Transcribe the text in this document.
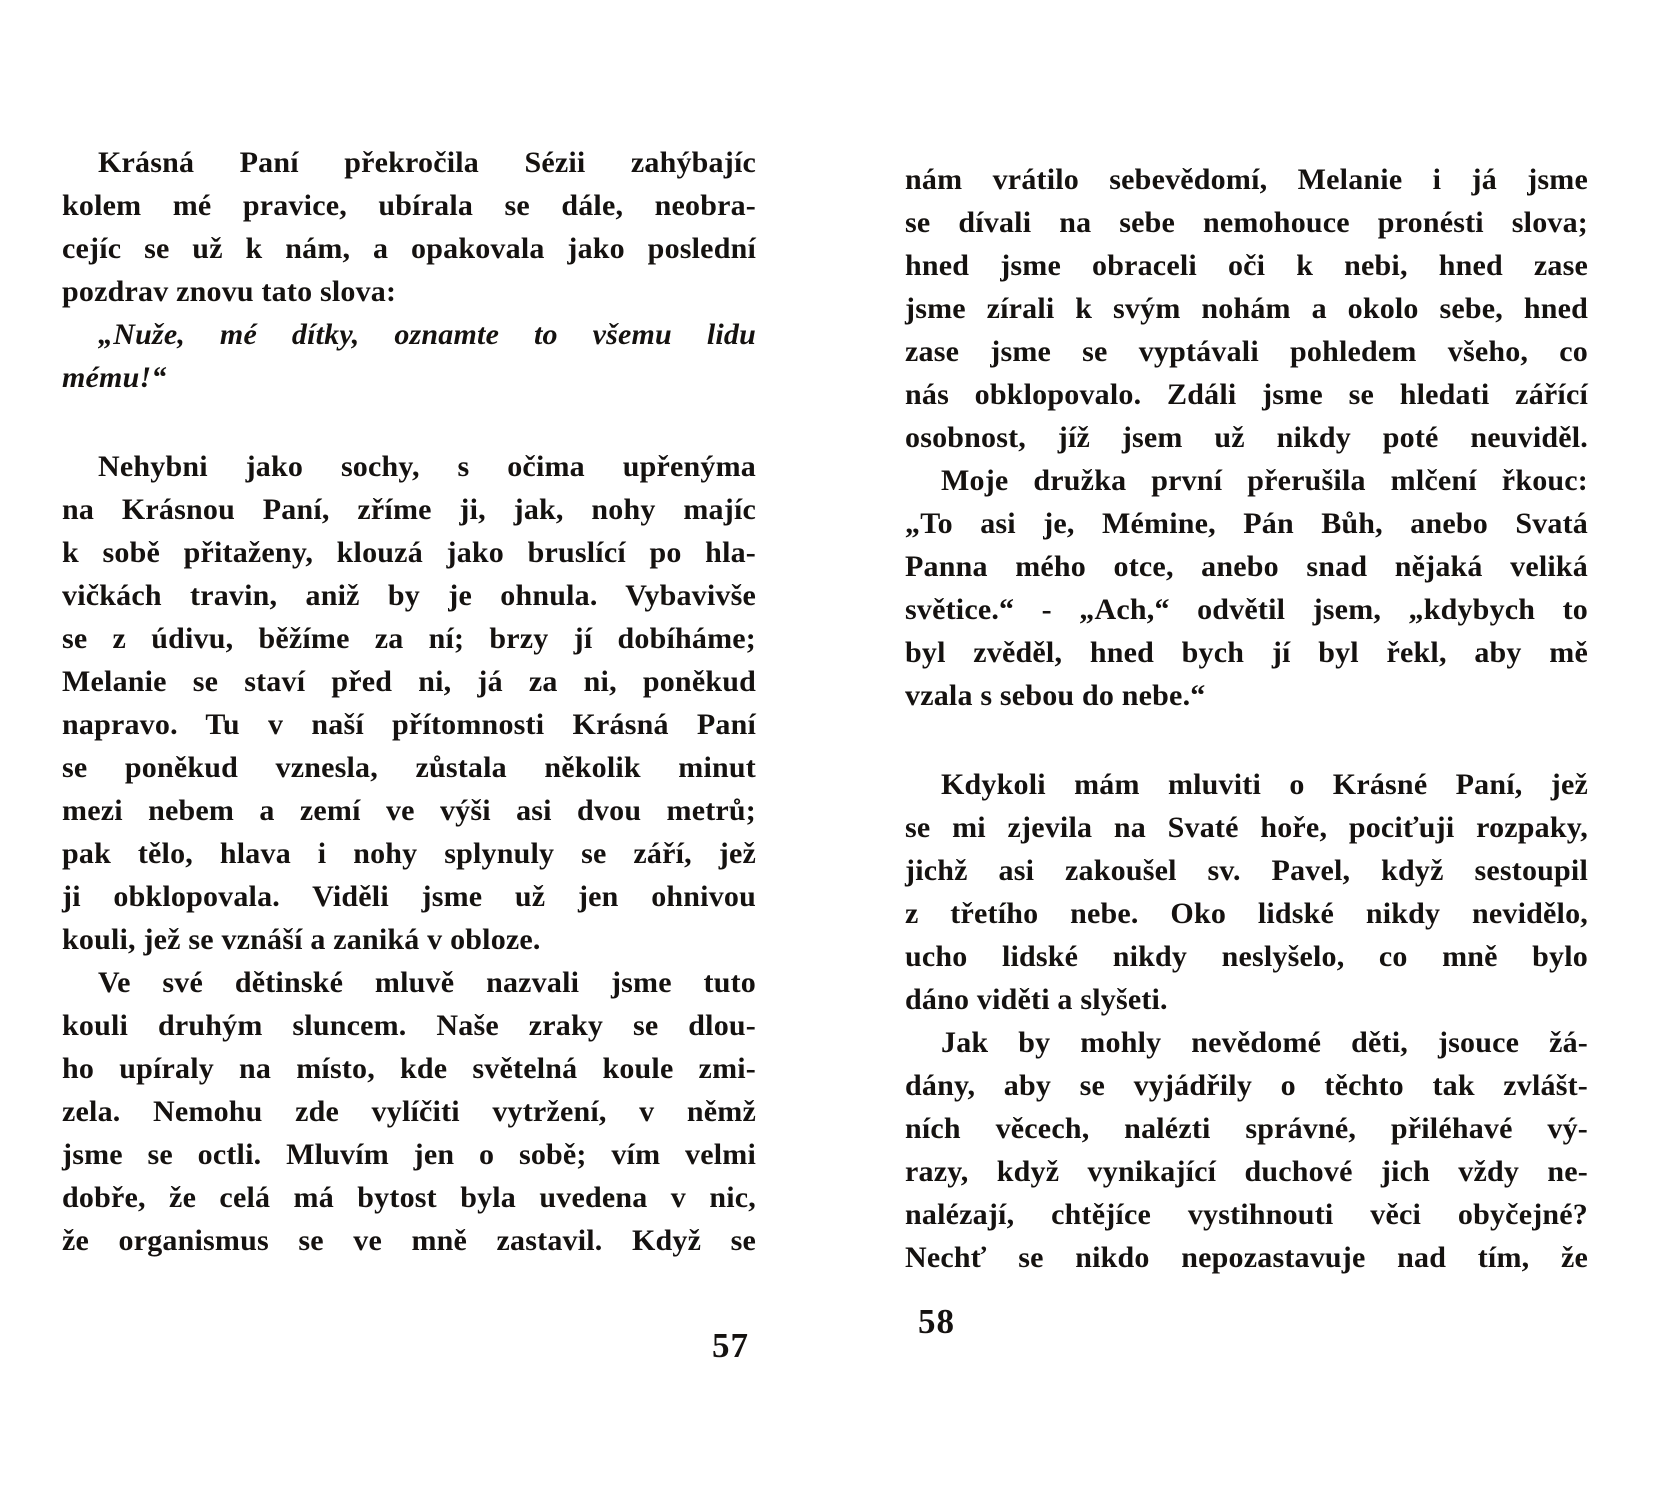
Krásná Paní překročila Sézii zahýbajíc
kolem mé pravice, ubírala se dále, neobra-
cejíc se už k nám, a opakovala jako poslední
pozdrav znovu tato slova:
„Nuže, mé dítky, oznamte to všemu lidu
mému!“
Nehybni jako sochy, s očima upřenýma
na Krásnou Paní, zříme ji, jak, nohy majíc
k sobě přitaženy, klouzá jako bruslící po hla-
vičkách travin, aniž by je ohnula. Vybavivše
se z údivu, běžíme za ní; brzy jí dobíháme;
Melanie se staví před ni, já za ni, poněkud
napravo. Tu v naší přítomnosti Krásná Paní
se poněkud vznesla, zůstala několik minut
mezi nebem a zemí ve výši asi dvou metrů;
pak tělo, hlava i nohy splynuly se září, jež
ji obklopovala. Viděli jsme už jen ohnivou
kouli, jež se vznáší a zaniká v obloze.
Ve své dětinské mluvě nazvali jsme tuto
kouli druhým sluncem. Naše zraky se dlou-
ho upíraly na místo, kde světelná koule zmi-
zela. Nemohu zde vylíčiti vytržení, v němž
jsme se octli. Mluvím jen o sobě; vím velmi
dobře, že celá má bytost byla uvedena v nic,
že organismus se ve mně zastavil. Když se
nám vrátilo sebevědomí, Melanie i já jsme
se dívali na sebe nemohouce pronésti slova;
hned jsme obraceli oči k nebi, hned zase
jsme zírali k svým nohám a okolo sebe, hned
zase jsme se vyptávali pohledem všeho, co
nás obklopovalo. Zdáli jsme se hledati zářící
osobnost, jíž jsem už nikdy poté neuviděl.
Moje družka první přerušila mlčení řkouc:
„To asi je, Mémine, Pán Bůh, anebo Svatá
Panna mého otce, anebo snad nějaká veliká
světice.“ - „Ach,“ odvětil jsem, „kdybych to
byl zvěděl, hned bych jí byl řekl, aby mě
vzala s sebou do nebe.“
Kdykoli mám mluviti o Krásné Paní, jež
se mi zjevila na Svaté hoře, pociťuji rozpaky,
jichž asi zakoušel sv. Pavel, když sestoupil
z třetího nebe. Oko lidské nikdy nevidělo,
ucho lidské nikdy neslyšelo, co mně bylo
dáno viděti a slyšeti.
Jak by mohly nevědomé děti, jsouce žá-
dány, aby se vyjádřily o těchto tak zvlášt-
ních věcech, nalézti správné, přiléhavé vý-
razy, když vynikající duchové jich vždy ne-
nalézají, chtějíce vystihnouti věci obyčejné?
Nechť se nikdo nepozastavuje nad tím, že
57
58
